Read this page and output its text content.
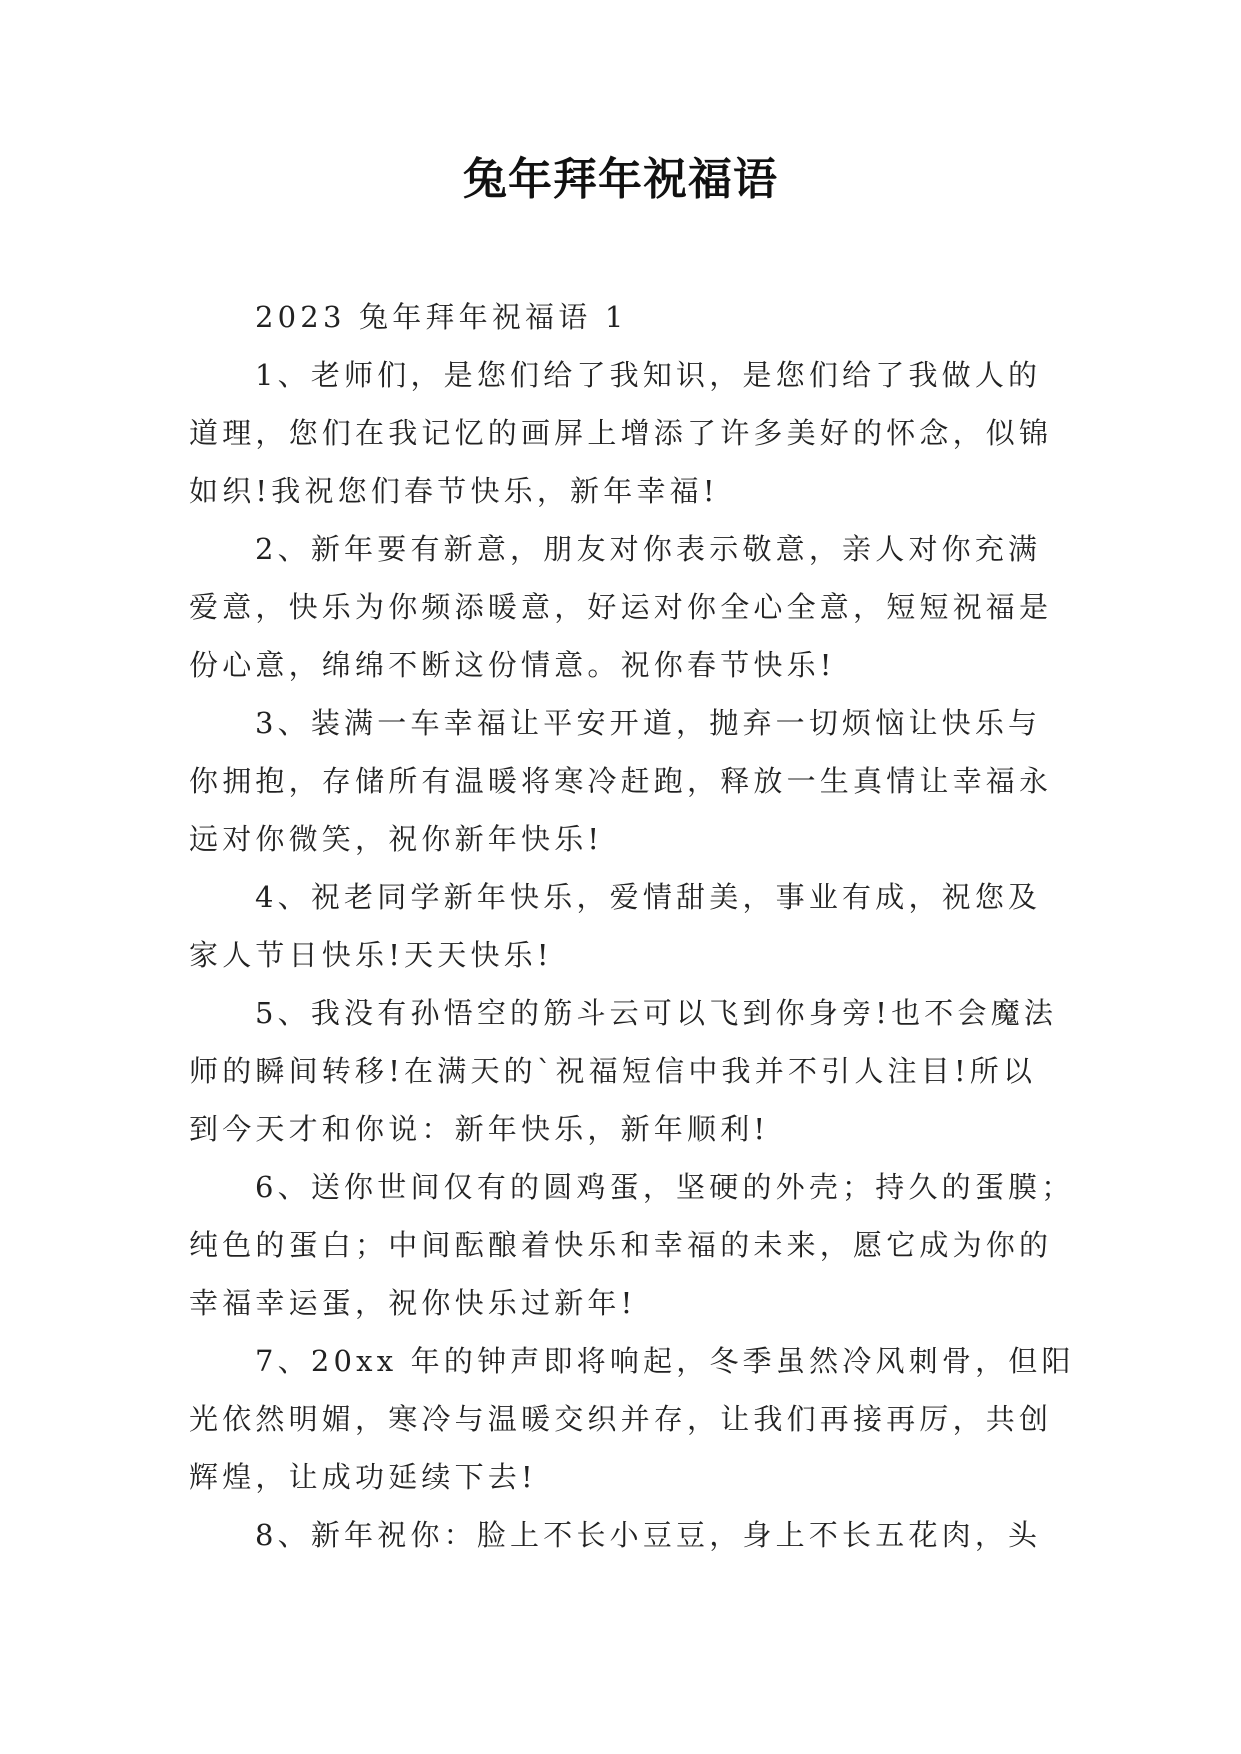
兔年拜年祝福语
2023 兔年拜年祝福语 1
1、老师们，是您们给了我知识，是您们给了我做人的
道理，您们在我记忆的画屏上增添了许多美好的怀念，似锦
如织!我祝您们春节快乐，新年幸福!
2、新年要有新意，朋友对你表示敬意，亲人对你充满
爱意，快乐为你频添暖意，好运对你全心全意，短短祝福是
份心意，绵绵不断这份情意。祝你春节快乐!
3、装满一车幸福让平安开道，抛弃一切烦恼让快乐与
你拥抱，存储所有温暖将寒冷赶跑，释放一生真情让幸福永
远对你微笑，祝你新年快乐!
4、祝老同学新年快乐，爱情甜美，事业有成，祝您及
家人节日快乐!天天快乐!
5、我没有孙悟空的筋斗云可以飞到你身旁!也不会魔法
师的瞬间转移!在满天的`祝福短信中我并不引人注目!所以
到今天才和你说：新年快乐，新年顺利!
6、送你世间仅有的圆鸡蛋，坚硬的外壳；持久的蛋膜；
纯色的蛋白；中间酝酿着快乐和幸福的未来，愿它成为你的
幸福幸运蛋，祝你快乐过新年!
7、20xx 年的钟声即将响起，冬季虽然冷风刺骨，但阳
光依然明媚，寒冷与温暖交织并存，让我们再接再厉，共创
辉煌，让成功延续下去!
8、新年祝你：脸上不长小豆豆，身上不长五花肉，头
